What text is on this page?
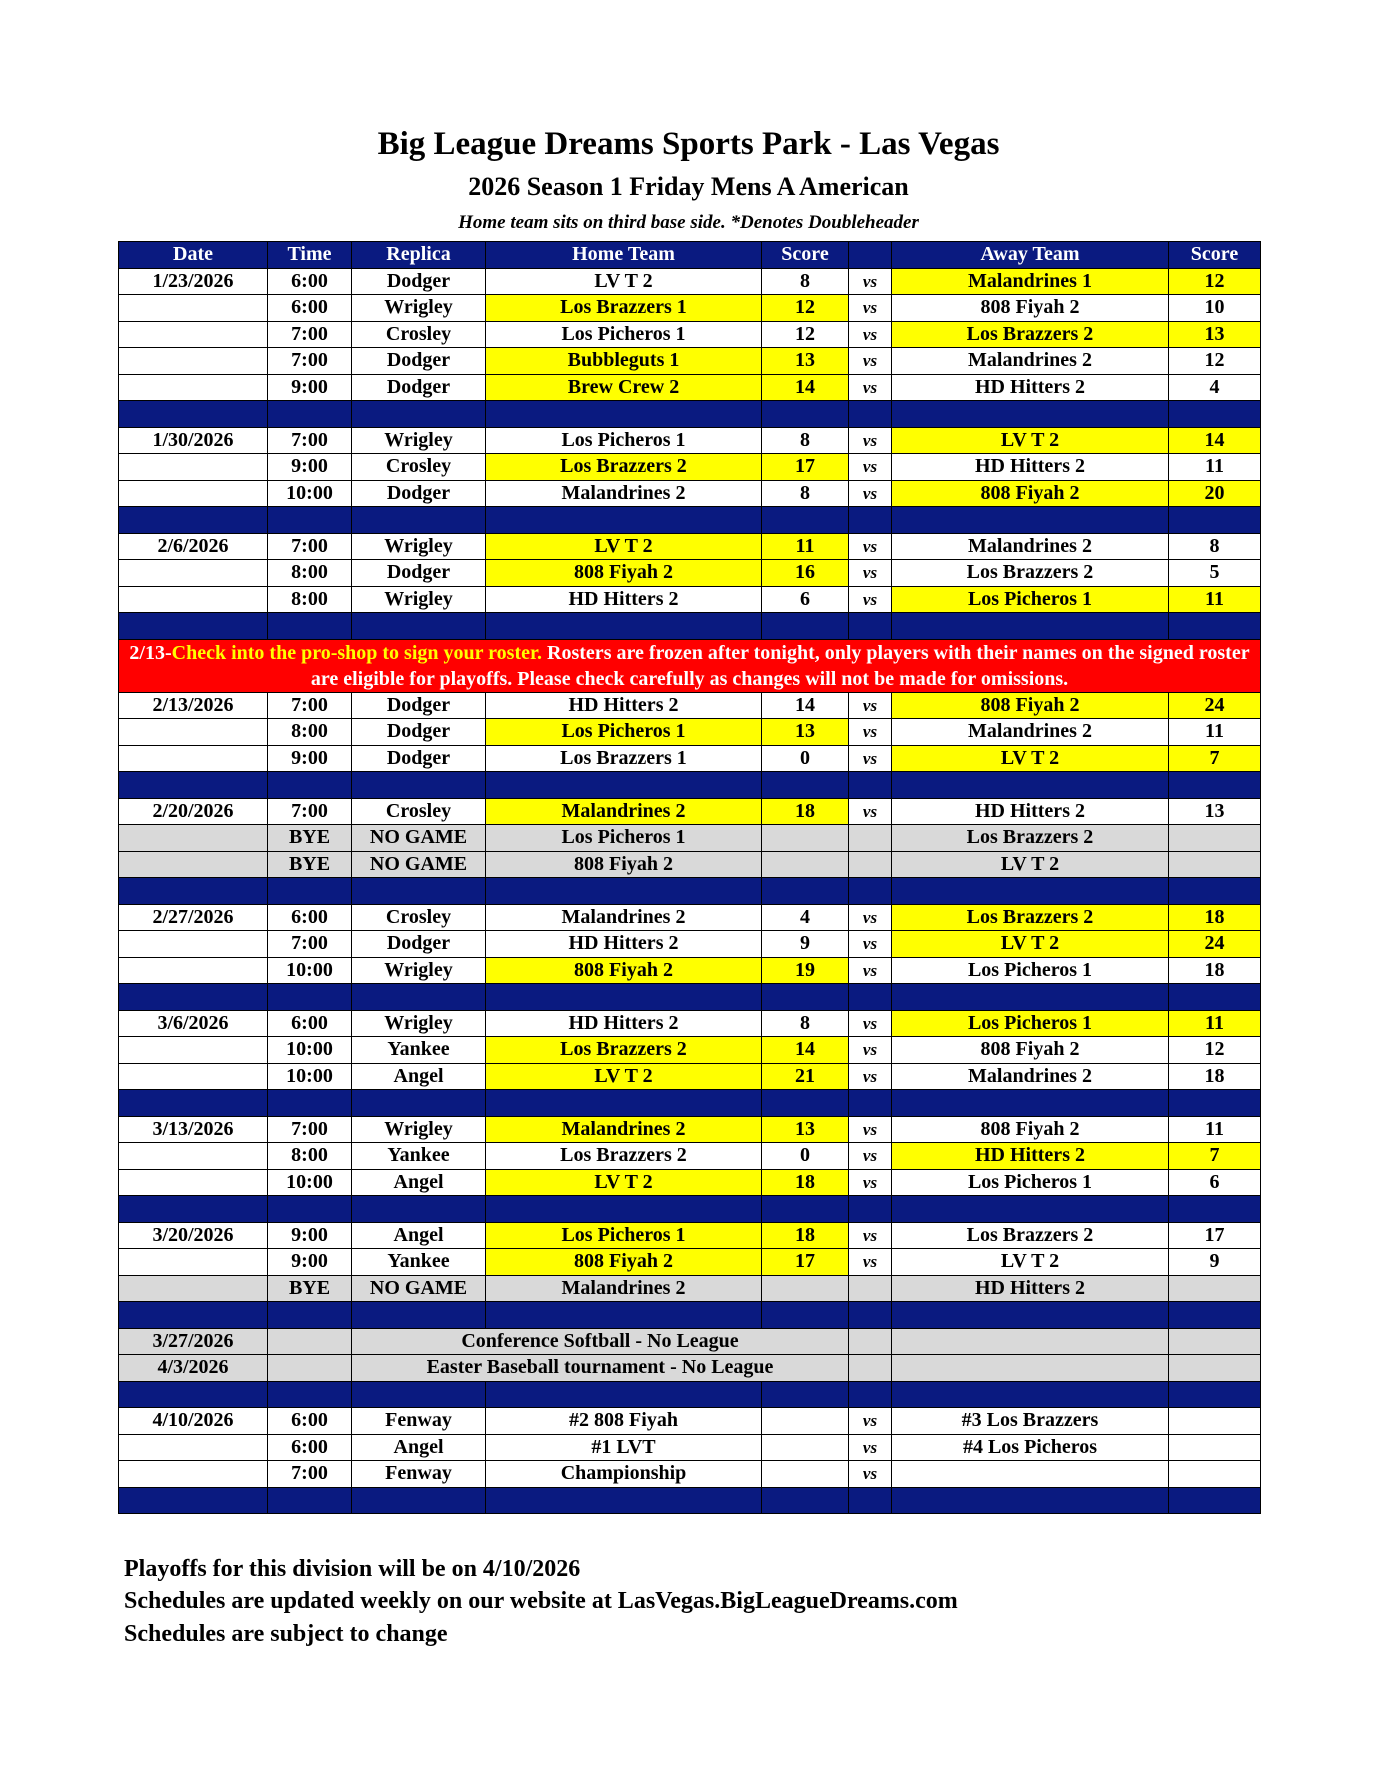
Big League Dreams Sports Park - Las Vegas
2026 Season 1 Friday Mens A American
Home team sits on third base side. *Denotes Doubleheader
Date	Time	Replica	Home Team	Score		Away Team	Score
1/23/2026	6:00	Dodger	LV T 2	8	vs	Malandrines 1	12
	6:00	Wrigley	Los Brazzers 1	12	vs	808 Fiyah 2	10
	7:00	Crosley	Los Picheros 1	12	vs	Los Brazzers 2	13
	7:00	Dodger	Bubbleguts 1	13	vs	Malandrines 2	12
	9:00	Dodger	Brew Crew 2	14	vs	HD Hitters 2	4

1/30/2026	7:00	Wrigley	Los Picheros 1	8	vs	LV T 2	14
	9:00	Crosley	Los Brazzers 2	17	vs	HD Hitters 2	11
	10:00	Dodger	Malandrines 2	8	vs	808 Fiyah 2	20

2/6/2026	7:00	Wrigley	LV T 2	11	vs	Malandrines 2	8
	8:00	Dodger	808 Fiyah 2	16	vs	Los Brazzers 2	5
	8:00	Wrigley	HD Hitters 2	6	vs	Los Picheros 1	11

2/13-Check into the pro-shop to sign your roster. Rosters are frozen after tonight, only players with their names on the signed roster are eligible for playoffs. Please check carefully as changes will not be made for omissions.							
2/13/2026	7:00	Dodger	HD Hitters 2	14	vs	808 Fiyah 2	24
	8:00	Dodger	Los Picheros 1	13	vs	Malandrines 2	11
	9:00	Dodger	Los Brazzers 1	0	vs	LV T 2	7

2/20/2026	7:00	Crosley	Malandrines 2	18	vs	HD Hitters 2	13
	BYE	NO GAME	Los Picheros 1			Los Brazzers 2	
	BYE	NO GAME	808 Fiyah 2			LV T 2	

2/27/2026	6:00	Crosley	Malandrines 2	4	vs	Los Brazzers 2	18
	7:00	Dodger	HD Hitters 2	9	vs	LV T 2	24
	10:00	Wrigley	808 Fiyah 2	19	vs	Los Picheros 1	18

3/6/2026	6:00	Wrigley	HD Hitters 2	8	vs	Los Picheros 1	11
	10:00	Yankee	Los Brazzers 2	14	vs	808 Fiyah 2	12
	10:00	Angel	LV T 2	21	vs	Malandrines 2	18

3/13/2026	7:00	Wrigley	Malandrines 2	13	vs	808 Fiyah 2	11
	8:00	Yankee	Los Brazzers 2	0	vs	HD Hitters 2	7
	10:00	Angel	LV T 2	18	vs	Los Picheros 1	6

3/20/2026	9:00	Angel	Los Picheros 1	18	vs	Los Brazzers 2	17
	9:00	Yankee	808 Fiyah 2	17	vs	LV T 2	9
	BYE	NO GAME	Malandrines 2			HD Hitters 2	

3/27/2026		Conference Softball - No League					
4/3/2026		Easter Baseball tournament - No League					

4/10/2026	6:00	Fenway	#2 808 Fiyah		vs	#3 Los Brazzers	
	6:00	Angel	#1 LVT		vs	#4 Los Picheros	
	7:00	Fenway	Championship		vs		

Playoffs for this division will be on 4/10/2026
Schedules are updated weekly on our website at LasVegas.BigLeagueDreams.com
Schedules are subject to change
